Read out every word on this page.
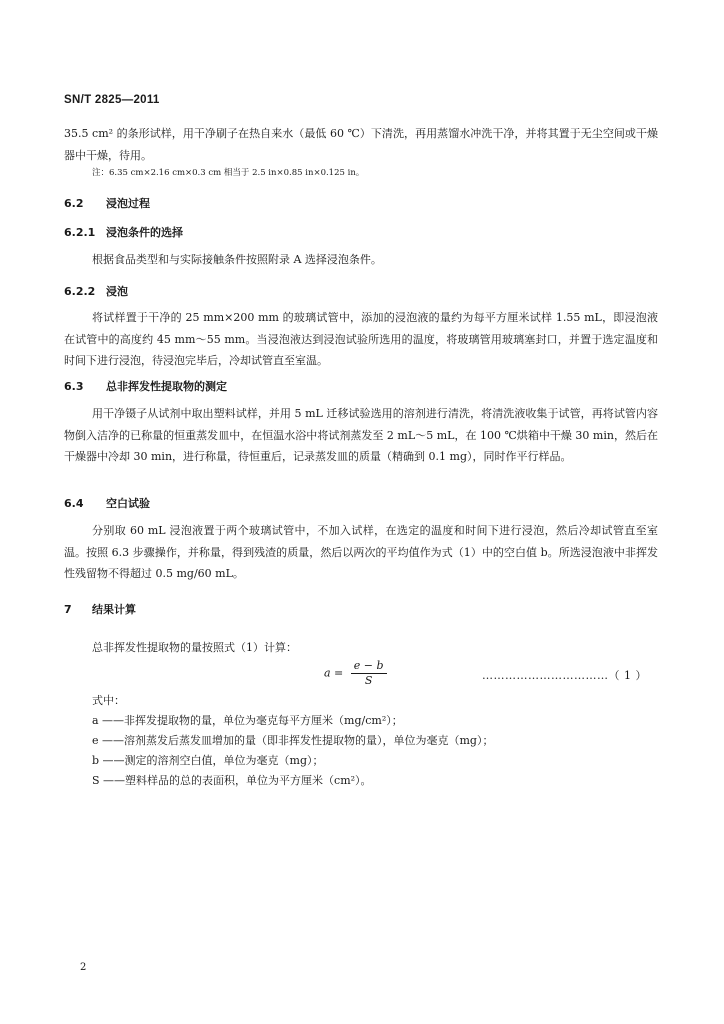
SN/T 2825—2011
35.5 cm² 的条形试样，用干净刷子在热自来水（最低 60 ℃）下清洗，再用蒸馏水冲洗干净，并将其置于无尘空间或干燥器中干燥，待用。
注：6.35 cm×2.16 cm×0.3 cm 相当于 2.5 in×0.85 in×0.125 in。
6.2 浸泡过程
6.2.1 浸泡条件的选择
根据食品类型和与实际接触条件按照附录 A 选择浸泡条件。
6.2.2 浸泡
将试样置于干净的 25 mm×200 mm 的玻璃试管中，添加的浸泡液的量约为每平方厘米试样 1.55 mL，即浸泡液在试管中的高度约 45 mm～55 mm。当浸泡液达到浸泡试验所选用的温度，将玻璃管用玻璃塞封口，并置于选定温度和时间下进行浸泡，待浸泡完毕后，冷却试管直至室温。
6.3 总非挥发性提取物的测定
用干净镊子从试剂中取出塑料试样，并用 5 mL 迁移试验选用的溶剂进行清洗，将清洗液收集于试管，再将试管内容物倒入洁净的已称量的恒重蒸发皿中，在恒温水浴中将试剂蒸发至 2 mL～5 mL，在 100 ℃烘箱中干燥 30 min，然后在干燥器中冷却 30 min，进行称量，待恒重后，记录蒸发皿的质量（精确到 0.1 mg），同时作平行样品。
6.4 空白试验
分别取 60 mL 浸泡液置于两个玻璃试管中，不加入试样，在选定的温度和时间下进行浸泡，然后冷却试管直至室温。按照 6.3 步骤操作，并称量，得到残渣的质量，然后以两次的平均值作为式（1）中的空白值 b。所选浸泡液中非挥发性残留物不得超过 0.5 mg/60 mL。
7 结果计算
总非挥发性提取物的量按照式（1）计算：
$a = \frac{e - b}{S}$	……………………………（ 1 ）
式中：
a ——非挥发提取物的量，单位为毫克每平方厘米（mg/cm²）；
e ——溶剂蒸发后蒸发皿增加的量（即非挥发性提取物的量），单位为毫克（mg）；
b ——测定的溶剂空白值，单位为毫克（mg）；
S ——塑料样品的总的表面积，单位为平方厘米（cm²）。
2
